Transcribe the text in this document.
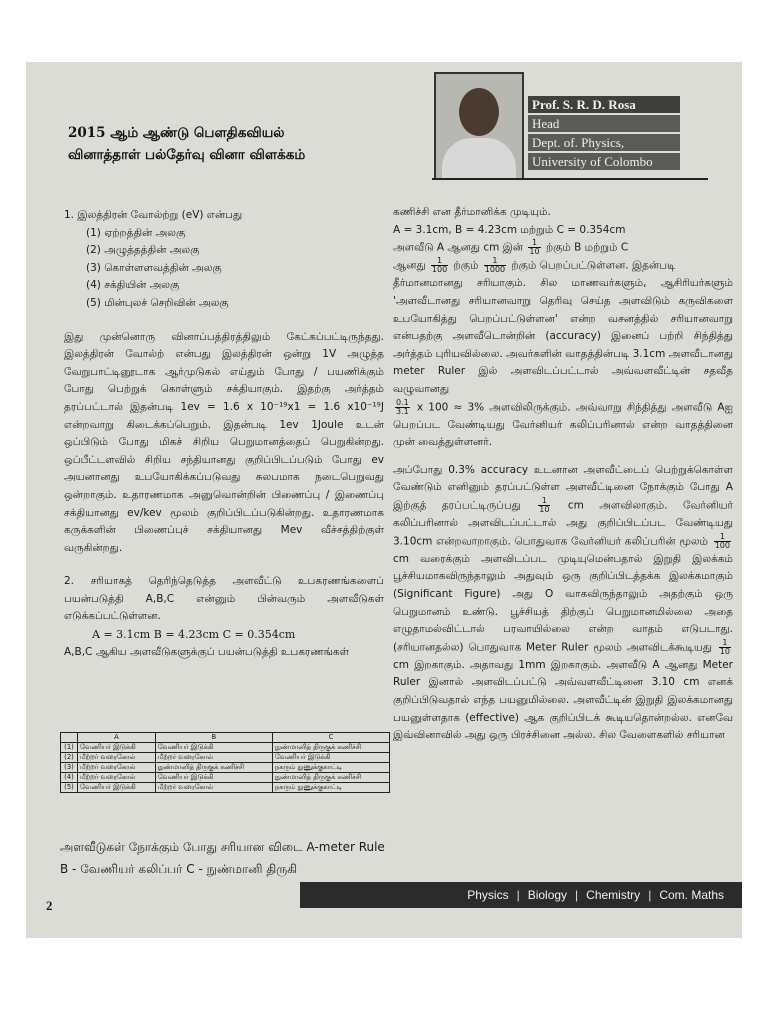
2015 ஆம் ஆண்டு பௌதிகவியல்
வினாத்தாள் பல்தேர்வு வினா விளக்கம்
Prof. S. R. D. Rosa
Head
Dept. of. Physics,
University of Colombo

1. இலத்திரன் வோல்ற்று (eV) என்பது

(1) ஏற்றத்தின் அலகு
(2) அழுத்தத்தின் அலகு
(3) கொள்ளளவத்தின் அலகு
(4) சக்தியின் அலகு
(5) மின்புலச் செறிவின் அலகு

இது முன்னொரு வினாப்பத்திரத்திலும் கேட்கப்பட்டிருந்தது. இலத்திரன் வோல்ற் என்பது இலத்திரன் ஒன்று 1V அழுத்த வேறுபாட்டினூடாக ஆர்முடுகல் எய்தும் போது / பயணிக்கும் போது பெற்றுக் கொள்ளும் சக்தியாகும். இதற்கு அர்த்தம் தரப்பட்டால் இதன்படி 1ev = 1.6 x 10⁻¹⁹x1 = 1.6 x10⁻¹⁹J என்றவாறு கிடைக்கப்பெறும். இதன்படி 1ev 1Joule உடன் ஒப்பிடும் போது மிகச் சிறிய பெறுமானத்தைப் பெறுகின்றது. ஒப்பீட்டளவில் சிறிய சந்தியானது குறிப்பிடப்படும் போது ev அயனானது உபயோகிக்கப்படுவது சுலபமாக நடைபெறுவது ஒன்றாகும். உதாரணமாக அனுவொன்றின் பிணைப்பு / இணைப்பு சக்தியானது ev/kev மூலம் குறிப்பிடப்படுகின்றது. உதாரணமாக கருக்களின் பிணைப்புச் சக்தியானது Mev வீச்சத்திற்குள் வருகின்றது.

2. சரியாகத் தெரிந்தெடுத்த அளவீட்டு உபகரணங்களைப் பயன்படுத்தி A,B,C என்னும் பின்வரும் அளவீடுகள் எடுக்கப்பட்டுள்ளன.

A = 3.1cm B = 4.23cm C = 0.354cm

A,B,C ஆகிய அளவீடுகளுக்குப் பயன்படுத்தி உபகரணங்கள்

	A	B	C
(1)	வேணியர் இடுக்கி	வேணியர் இடுக்கி	நுண்மானித் திருகுக் கணிச்சி
(2)	மீற்றர் வரைகோல்	மீற்றர் வரைகோல்	வேணியர் இடுக்கி
(3)	மீற்றர் வரைகோல்	நுண்மானித் திருகுக் கணிச்சி	நகரும் நுணுக்குகாட்டி
(4)	மீற்றர் வரைகோல்	வேணியர் இடுக்கி	நுண்மானித் திருகுக் கணிச்சி
(5)	வேணியர் இடுக்கி	மீற்றர் வரைகோல்	நகரும் நுணுக்குகாட்டி
அளவீடுகள் நோக்கும் போது சரியான விடை A-meter Rule B - வேணியர் கலிப்பர் C - நுண்மானி திருகி

கணிச்சி என தீர்மானிக்க முடியும்.

A = 3.1cm, B = 4.23cm மற்றும் C = 0.354cm

அளவீடு A ஆனது cm இன் $\frac{1}{10}$ ற்கும் B மற்றும் C

ஆனது $\frac{1}{100}$ ற்கும் $\frac{1}{1000}$ ற்கும் பெறப்பட்டுள்ளன. இதன்படி

தீர்மானமானது சரியாகும். சில மாணவர்களும், ஆசிரியர்களும் 'அளவீடானது சரியானவாறு தெரிவு செய்த அளவிடும் கருவிகளை உபயோகித்து பெறப்பட்டுள்ளன' என்ற வசனத்தில் சரியானவாறு என்பதற்கு அளவீடொன்றின் (accuracy) இனைப் பற்றி சிந்தித்து அர்த்தம் புரியவில்லை. அவர்களின் வாதத்தின்படி 3.1cm அளவீடானது meter Ruler இல் அளவிடப்பட்டால் அவ்வளவீட்டின் சதவீத வழுவானது

$\frac{0.1}{3.1}$ x 100 ≈ 3% அளவிலிருக்கும். அவ்வாறு சிந்தித்து அளவீடு Aஐ பெறப்பட வேண்டியது வேர்னியர் கலிப்பரினால் என்ற வாதத்தினை முன் வைத்துள்ளனர்.

அப்போது 0.3% accuracy உடனான அளவீட்டைப் பெற்றுக்கொள்ள வேண்டும் எனினும் தரப்பட்டுள்ள அளவீட்டினை நோக்கும் போது A இற்குத் தரப்பட்டிருப்பது $\frac{1}{10}$ cm அளவிலாகும். வேர்னியர் கலிப்பரினால் அளவிடப்பட்டால் அது குறிப்பிடப்பட வேண்டியது 3.10cm என்றவாறாகும். பொதுவாக வேர்னியர் கலிப்பரின் மூலம் $\frac{1}{100}$
cm வரைக்கும் அளவிடப்பட முடியுமென்பதால் இறுதி இலக்கம் பூச்சியமாகவிருந்தாலும் அதுவும் ஒரு குறிப்பிடத்தக்க இலக்கமாகும் (Significant Figure) அது O வாகவிருந்தாலும் அதற்கும் ஒரு பெறுமானம் உண்டு. பூச்சியத் திற்குப் பெறுமானமில்லை அதை எழுதாமல்விட்டால் பரவாயில்லை என்ற வாதம் எடுபடாது. (சரியானதல்ல) பொதுவாக Meter Ruler மூலம் அளவிடக்கூடியது $\frac{1}{10}$
cm இறகாகும். அதாவது 1mm இறகாகும். அளவீடு A ஆனது Meter Ruler இனால் அளவிடப்பட்டு அவ்வளவீட்டினை 3.10 cm எனக் குறிப்பிடுவதால் எந்த பயனுமில்லை. அளவீட்டின் இறுதி இலக்கமானது பயனுள்ளதாக (effective) ஆக குறிப்பிடக் கூடியதொன்றல்ல. எனவே இவ்வினாவில் அது ஒரு பிரச்சினை அல்ல. சில வேளைகளில் சரியான

Physics | Biology | Chemistry | Com. Maths
2
